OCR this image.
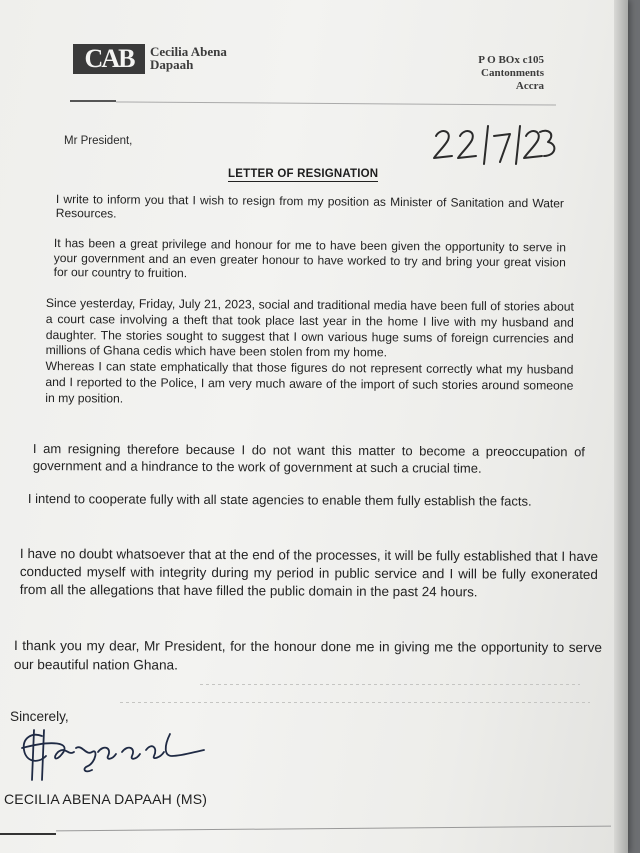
CAB	Cecilia Abena
Dapaah	P O BOx c105
Cantonments
Accra
Mr President,
22/7/23
LETTER OF RESIGNATION

I write to inform you that I wish to resign from my position as Minister of Sanitation and Water Resources.

It has been a great privilege and honour for me to have been given the opportunity to serve in your government and an even greater honour to have worked to try and bring your great vision for our country to fruition.

Since yesterday, Friday, July 21, 2023, social and traditional media have been full of stories about a court case involving a theft that took place last year in the home I live with my husband and daughter. The stories sought to suggest that I own various huge sums of foreign currencies and millions of Ghana cedis which have been stolen from my home.
Whereas I can state emphatically that those figures do not represent correctly what my husband and I reported to the Police, I am very much aware of the import of such stories around someone in my position.

I am resigning therefore because I do not want this matter to become a preoccupation of government and a hindrance to the work of government at such a crucial time.

I intend to cooperate fully with all state agencies to enable them fully establish the facts.

I have no doubt whatsoever that at the end of the processes, it will be fully established that I have conducted myself with integrity during my period in public service and I will be fully exonerated from all the allegations that have filled the public domain in the past 24 hours.

I thank you my dear, Mr President, for the honour done me in giving me the opportunity to serve our beautiful nation Ghana.

Sincerely,
CECILIA ABENA DAPAAH (MS)
